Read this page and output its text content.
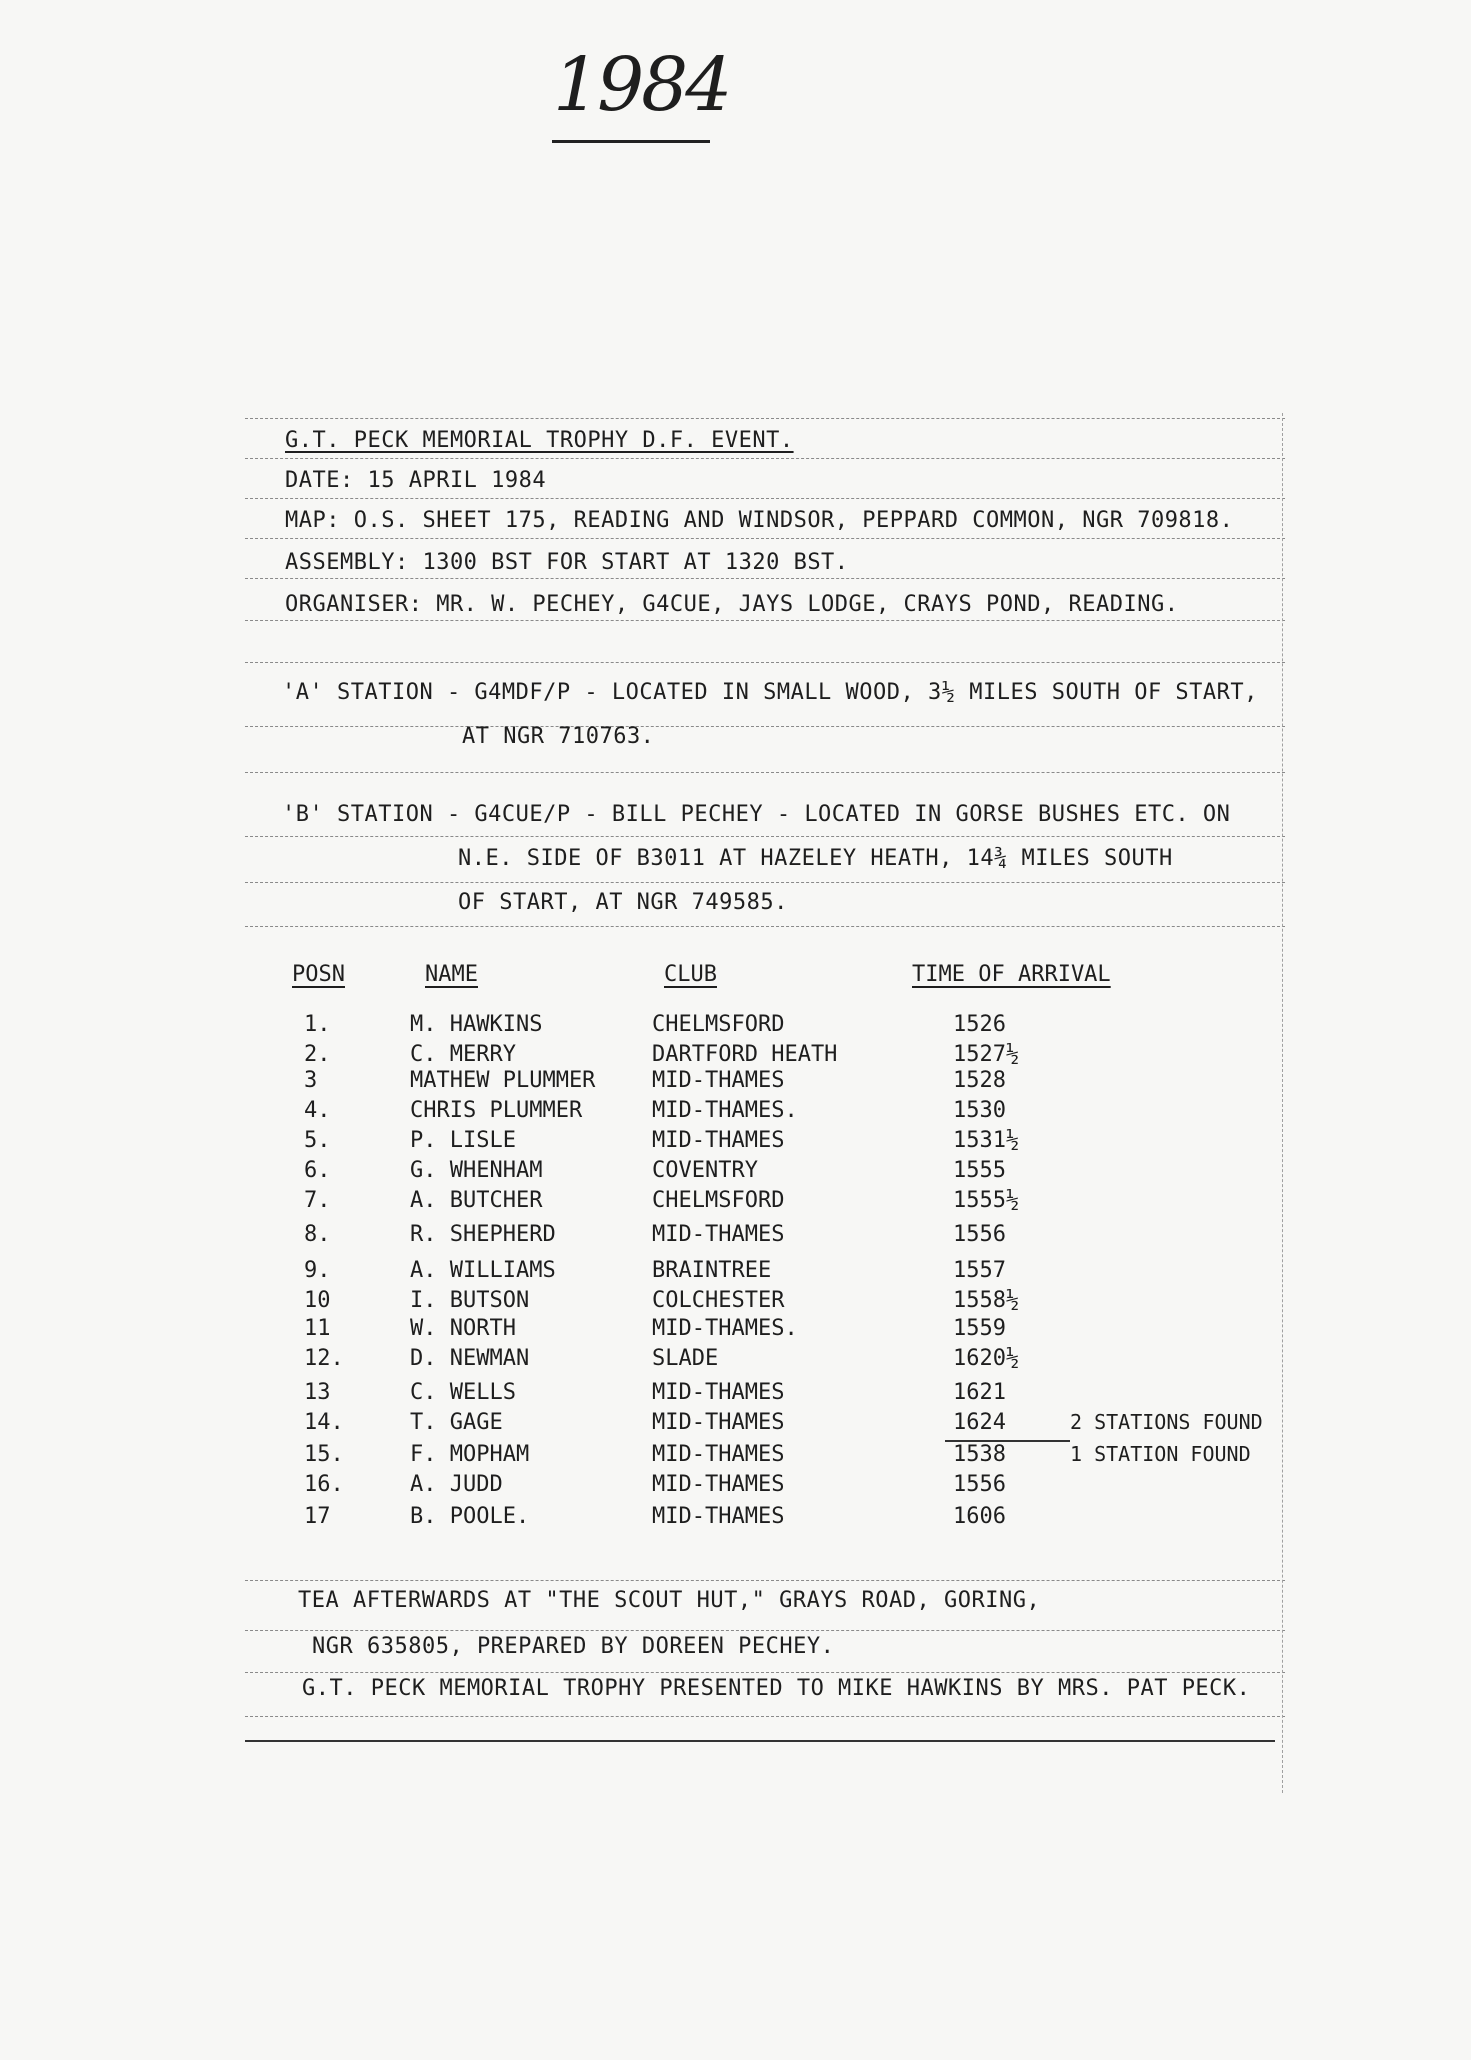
1984
G.T. PECK MEMORIAL TROPHY D.F. EVENT.
DATE: 15 APRIL 1984
MAP: O.S. SHEET 175, READING AND WINDSOR, PEPPARD COMMON, NGR 709818.
ASSEMBLY: 1300 BST FOR START AT 1320 BST.
ORGANISER: MR. W. PECHEY, G4CUE, JAYS LODGE, CRAYS POND, READING.
'A' STATION - G4MDF/P - LOCATED IN SMALL WOOD, 3½ MILES SOUTH OF START,
AT NGR 710763.
'B' STATION - G4CUE/P - BILL PECHEY - LOCATED IN GORSE BUSHES ETC. ON
N.E. SIDE OF B3011 AT HAZELEY HEATH, 14¾ MILES SOUTH
OF START, AT NGR 749585.
POSN	NAME	CLUB	TIME OF ARRIVAL
1.	M. HAWKINS	CHELMSFORD	1526
2.	C. MERRY	DARTFORD HEATH	1527½
3	MATHEW PLUMMER	MID-THAMES	1528
4.	CHRIS PLUMMER	MID-THAMES.	1530
5.	P. LISLE	MID-THAMES	1531½
6.	G. WHENHAM	COVENTRY	1555
7.	A. BUTCHER	CHELMSFORD	1555½
8.	R. SHEPHERD	MID-THAMES	1556
9.	A. WILLIAMS	BRAINTREE	1557
10	I. BUTSON	COLCHESTER	1558½
11	W. NORTH	MID-THAMES.	1559
12.	D. NEWMAN	SLADE	1620½
13	C. WELLS	MID-THAMES	1621
14.	T. GAGE	MID-THAMES	1624	2 STATIONS FOUND
15.	F. MOPHAM	MID-THAMES	1538	1 STATION FOUND
16.	A. JUDD	MID-THAMES	1556
17	B. POOLE.	MID-THAMES	1606
TEA AFTERWARDS AT "THE SCOUT HUT," GRAYS ROAD, GORING,
NGR 635805, PREPARED BY DOREEN PECHEY.
G.T. PECK MEMORIAL TROPHY PRESENTED TO MIKE HAWKINS BY MRS. PAT PECK.
